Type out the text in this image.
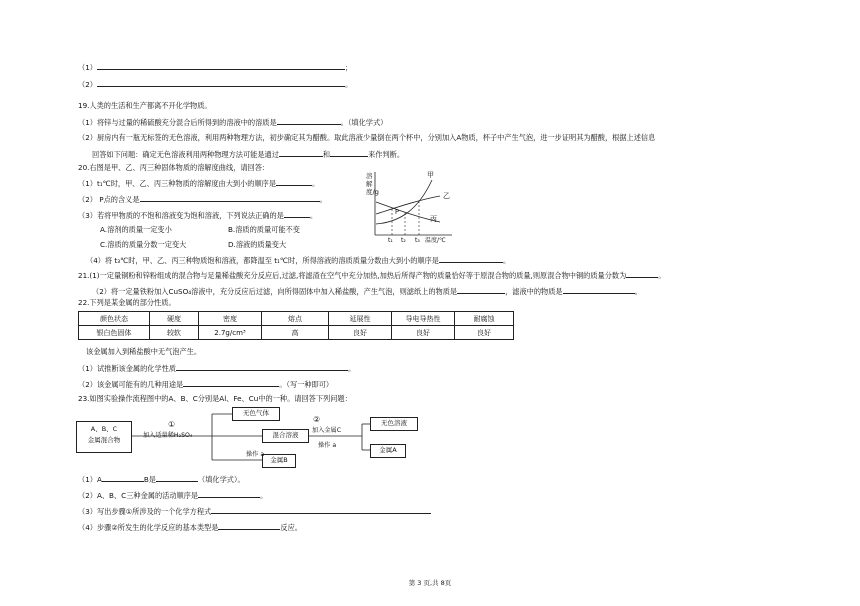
（1）	；
（2）	。
19.人类的生活和生产都离不开化学物质。
（1）将锌与过量的稀硫酸充分混合后所得到的溶液中的溶质是	。（填化学式）
（2）厨房内有一瓶无标签的无色溶液，利用两种物理方法，初步确定其为醋酸。取此溶液少量倒在两个杯中，分别加入A物质，杯子中产生气泡，进一步证明其为醋酸，根据上述信息
回答如下问题：确定无色溶液利用两种物理方法可能是通过	和	来作判断。
20.右图是甲、乙、丙三种固体物质的溶解度曲线，请回答：
（1）t₁℃时，甲、乙、丙三种物质的溶解度由大到小的顺序是	。
（2） P点的含义是	。
（3）若将甲物质的不饱和溶液变为饱和溶液，下列说法正确的是	。
A.溶剂的质量一定变小	B.溶质的质量可能不变
C.溶质的质量分数一定变大	D.溶液的质量变大
（4）将 t₃℃时，甲、乙、丙三种物质饱和溶液，都降温至 t₁℃时，所得溶液的溶质质量分数由大到小的顺序是	。
溶解度/g
甲
乙
丙
P
t₁ t₂ t₃ 温度/℃
21.(1)一定量铜粉和锌粉组成的混合物与足量稀盐酸充分反应后,过滤,将滤渣在空气中充分加热,加热后所得产物的质量恰好等于原混合物的质量,则原混合物中铜的质量分数为	。
（2）将一定量铁粉加入CuSO₄溶液中，充分反应后过滤，向所得固体中加入稀盐酸，产生气泡，则滤纸上的物质是	，滤液中的物质是	。
22.下列是某金属的部分性质。
颜色状态	硬度	密度	熔点	延展性	导电导热性	耐腐蚀
银白色固体	较软	2.7g/cm³	高	良好	良好	良好
该金属加入到稀盐酸中无气泡产生。
（1）试推断该金属的化学性质	。
（2）该金属可能有的几种用途是	。（写一种即可）
23.如图实验操作流程图中的A、B、C分别是Al、Fe、Cu中的一种。请回答下列问题：
A、B、C
金属混合物
①
加入适量稀H₂SO₄
无色气体
混合溶液
金属B
操作 a
②
加入金属C
操作 a
无色溶液
金属A
（1）A	B是	（填化学式）。
（2）A、B、C三种金属的活动顺序是	。
（3）写出步骤①所涉及的一个化学方程式
（4）步骤②所发生的化学反应的基本类型是	反应。
第 3 页,共 8页
